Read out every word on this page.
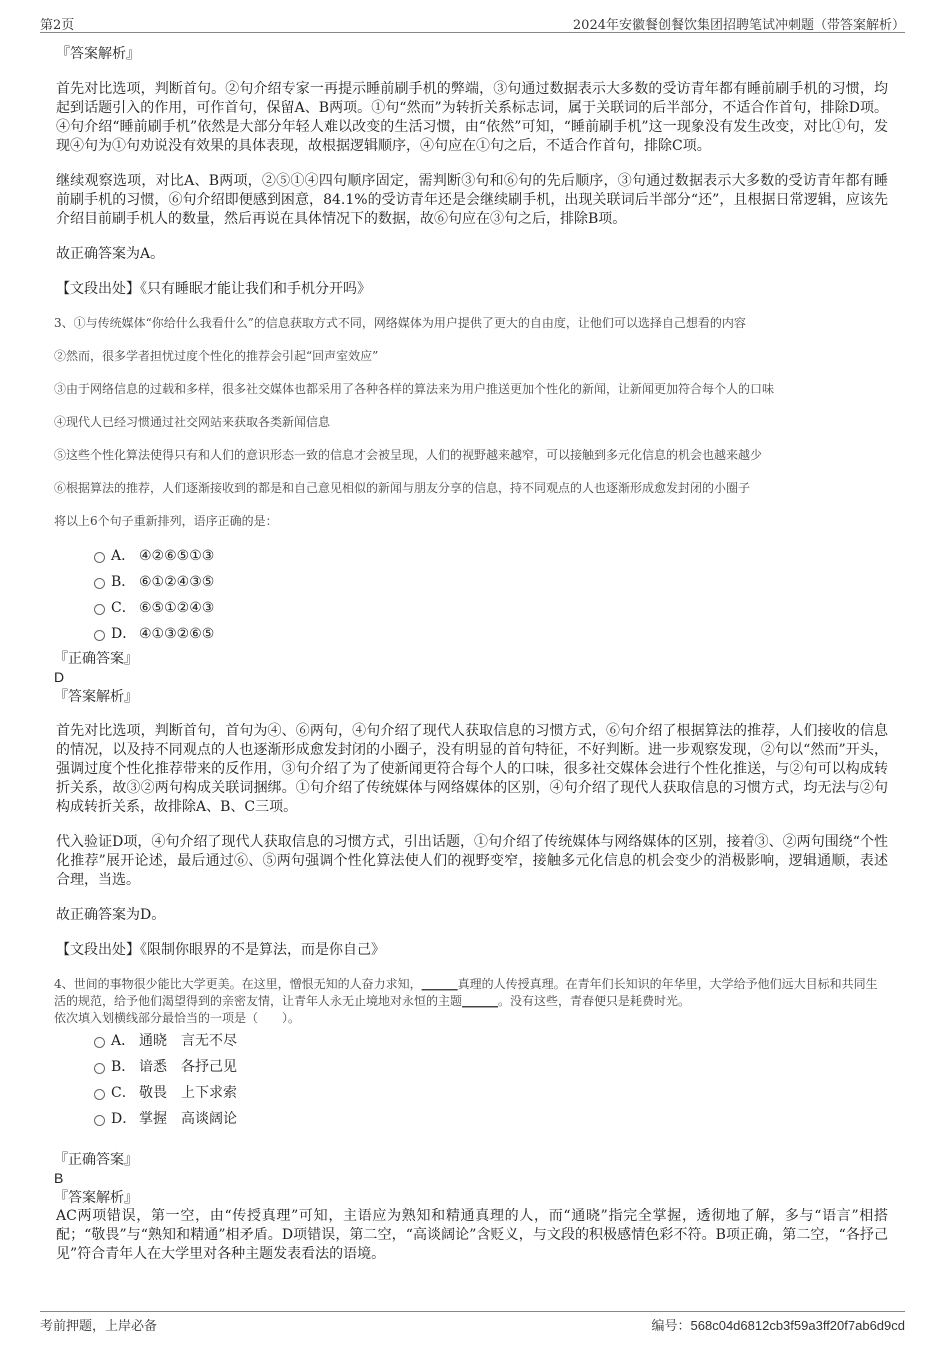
第2页	2024年安徽餐创餐饮集团招聘笔试冲刺题（带答案解析）

『答案解析』

首先对比选项，判断首句。②句介绍专家一再提示睡前刷手机的弊端，③句通过数据表示大多数的受访青年都有睡前刷手机的习惯，均起到话题引入的作用，可作首句，保留A、B两项。①句“然而”为转折关系标志词，属于关联词的后半部分，不适合作首句，排除D项。④句介绍“睡前刷手机”依然是大部分年轻人难以改变的生活习惯，由“依然”可知，“睡前刷手机”这一现象没有发生改变，对比①句，发现④句为①句劝说没有效果的具体表现，故根据逻辑顺序，④句应在①句之后，不适合作首句，排除C项。

继续观察选项，对比A、B两项，②⑤①④四句顺序固定，需判断③句和⑥句的先后顺序，③句通过数据表示大多数的受访青年都有睡前刷手机的习惯，⑥句介绍即便感到困意，84.1%的受访青年还是会继续刷手机，出现关联词后半部分“还”，且根据日常逻辑，应该先介绍目前刷手机人的数量，然后再说在具体情况下的数据，故⑥句应在③句之后，排除B项。

故正确答案为A。

【文段出处】《只有睡眠才能让我们和手机分开吗》

3、①与传统媒体“你给什么我看什么”的信息获取方式不同，网络媒体为用户提供了更大的自由度，让他们可以选择自己想看的内容

②然而，很多学者担忧过度个性化的推荐会引起“回声室效应”

③由于网络信息的过载和多样，很多社交媒体也都采用了各种各样的算法来为用户推送更加个性化的新闻，让新闻更加符合每个人的口味

④现代人已经习惯通过社交网站来获取各类新闻信息

⑤这些个性化算法使得只有和人们的意识形态一致的信息才会被呈现，人们的视野越来越窄，可以接触到多元化信息的机会也越来越少

⑥根据算法的推荐，人们逐渐接收到的都是和自己意见相似的新闻与朋友分享的信息，持不同观点的人也逐渐形成愈发封闭的小圈子

将以上6个句子重新排列，语序正确的是：

A． ④②⑥⑤①③
B． ⑥①②④③⑤
C． ⑥⑤①②④③
D． ④①③②⑥⑤

『正确答案』

D

『答案解析』

首先对比选项，判断首句，首句为④、⑥两句，④句介绍了现代人获取信息的习惯方式，⑥句介绍了根据算法的推荐，人们接收的信息的情况，以及持不同观点的人也逐渐形成愈发封闭的小圈子，没有明显的首句特征，不好判断。进一步观察发现，②句以“然而”开头，强调过度个性化推荐带来的反作用，③句介绍了为了使新闻更符合每个人的口味，很多社交媒体会进行个性化推送，与②句可以构成转折关系，故③②两句构成关联词捆绑。①句介绍了传统媒体与网络媒体的区别，④句介绍了现代人获取信息的习惯方式，均无法与②句构成转折关系，故排除A、B、C三项。

代入验证D项，④句介绍了现代人获取信息的习惯方式，引出话题，①句介绍了传统媒体与网络媒体的区别，接着③、②两句围绕“个性化推荐”展开论述，最后通过⑥、⑤两句强调个性化算法使人们的视野变窄，接触多元化信息的机会变少的消极影响，逻辑通顺，表述合理，当选。

故正确答案为D。

【文段出处】《限制你眼界的不是算法，而是你自己》

4、世间的事物很少能比大学更美。在这里，憎恨无知的人奋力求知，______真理的人传授真理。在青年们长知识的年华里，大学给予他们远大目标和共同生活的规范，给予他们渴望得到的亲密友情，让青年人永无止境地对永恒的主题______。没有这些，青春便只是耗费时光。

依次填入划横线部分最恰当的一项是（　　）。

A． 通晓 言无不尽
B． 谙悉 各抒己见
C． 敬畏 上下求索
D． 掌握 高谈阔论

『正确答案』

B

『答案解析』

AC两项错误，第一空，由“传授真理”可知，主语应为熟知和精通真理的人，而“通晓”指完全掌握，透彻地了解，多与“语言”相搭配；“敬畏”与“熟知和精通”相矛盾。D项错误，第二空，“高谈阔论”含贬义，与文段的积极感情色彩不符。B项正确，第二空，“各抒己见”符合青年人在大学里对各种主题发表看法的语境。

考前押题，上岸必备	编号：568c04d6812cb3f59a3ff20f7ab6d9cd
